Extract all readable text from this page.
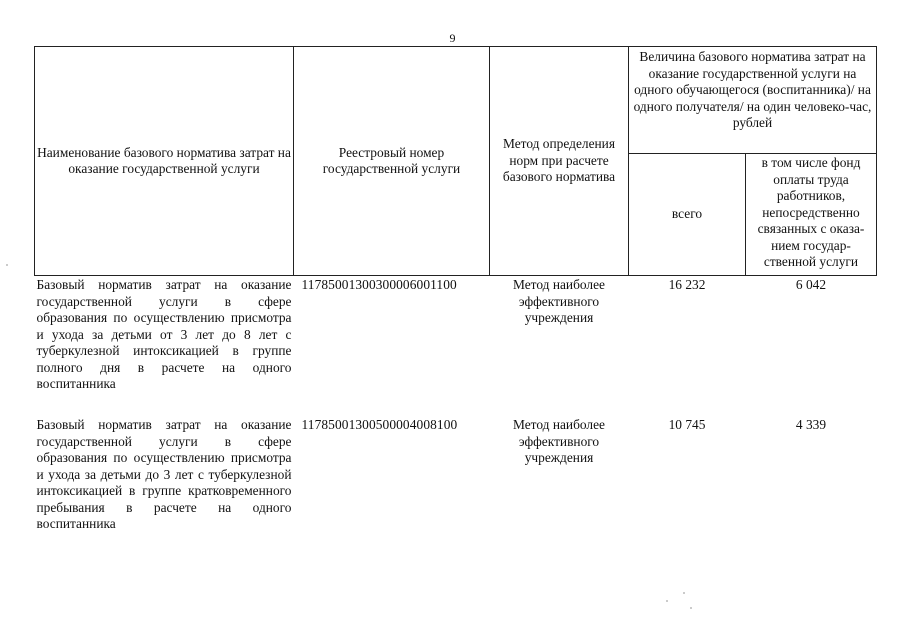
9
Наименование базового норматива затрат на оказание государственной услуги	Реестровый номер государственной услуги	Метод определения норм при расчете базового норматива	Величина базового норматива затрат на оказание государственной услуги на одного обучающегося (воспитанника)/ на одного получателя/ на один человеко-час, рублей	
			всего	в том числе фонд оплаты труда работников, непосредственно связанных с оказа-нием государ-ственной услуги
Базовый норматив затрат на оказание государственной услуги в сфере образования по осуществлению присмотра и ухода за детьми от 3 лет до 8 лет с туберкулезной интоксикацией в группе полного дня в расчете на одного воспитанника	11785001300300006001100	Метод наиболее эффективного учреждения	16 232	6 042
Базовый норматив затрат на оказание государственной услуги в сфере образования по осуществлению присмотра и ухода за детьми до 3 лет с туберкулезной интоксикацией в группе кратковременного пребывания в расчете на одного воспитанника	11785001300500004008100	Метод наиболее эффективного учреждения	10 745	4 339
